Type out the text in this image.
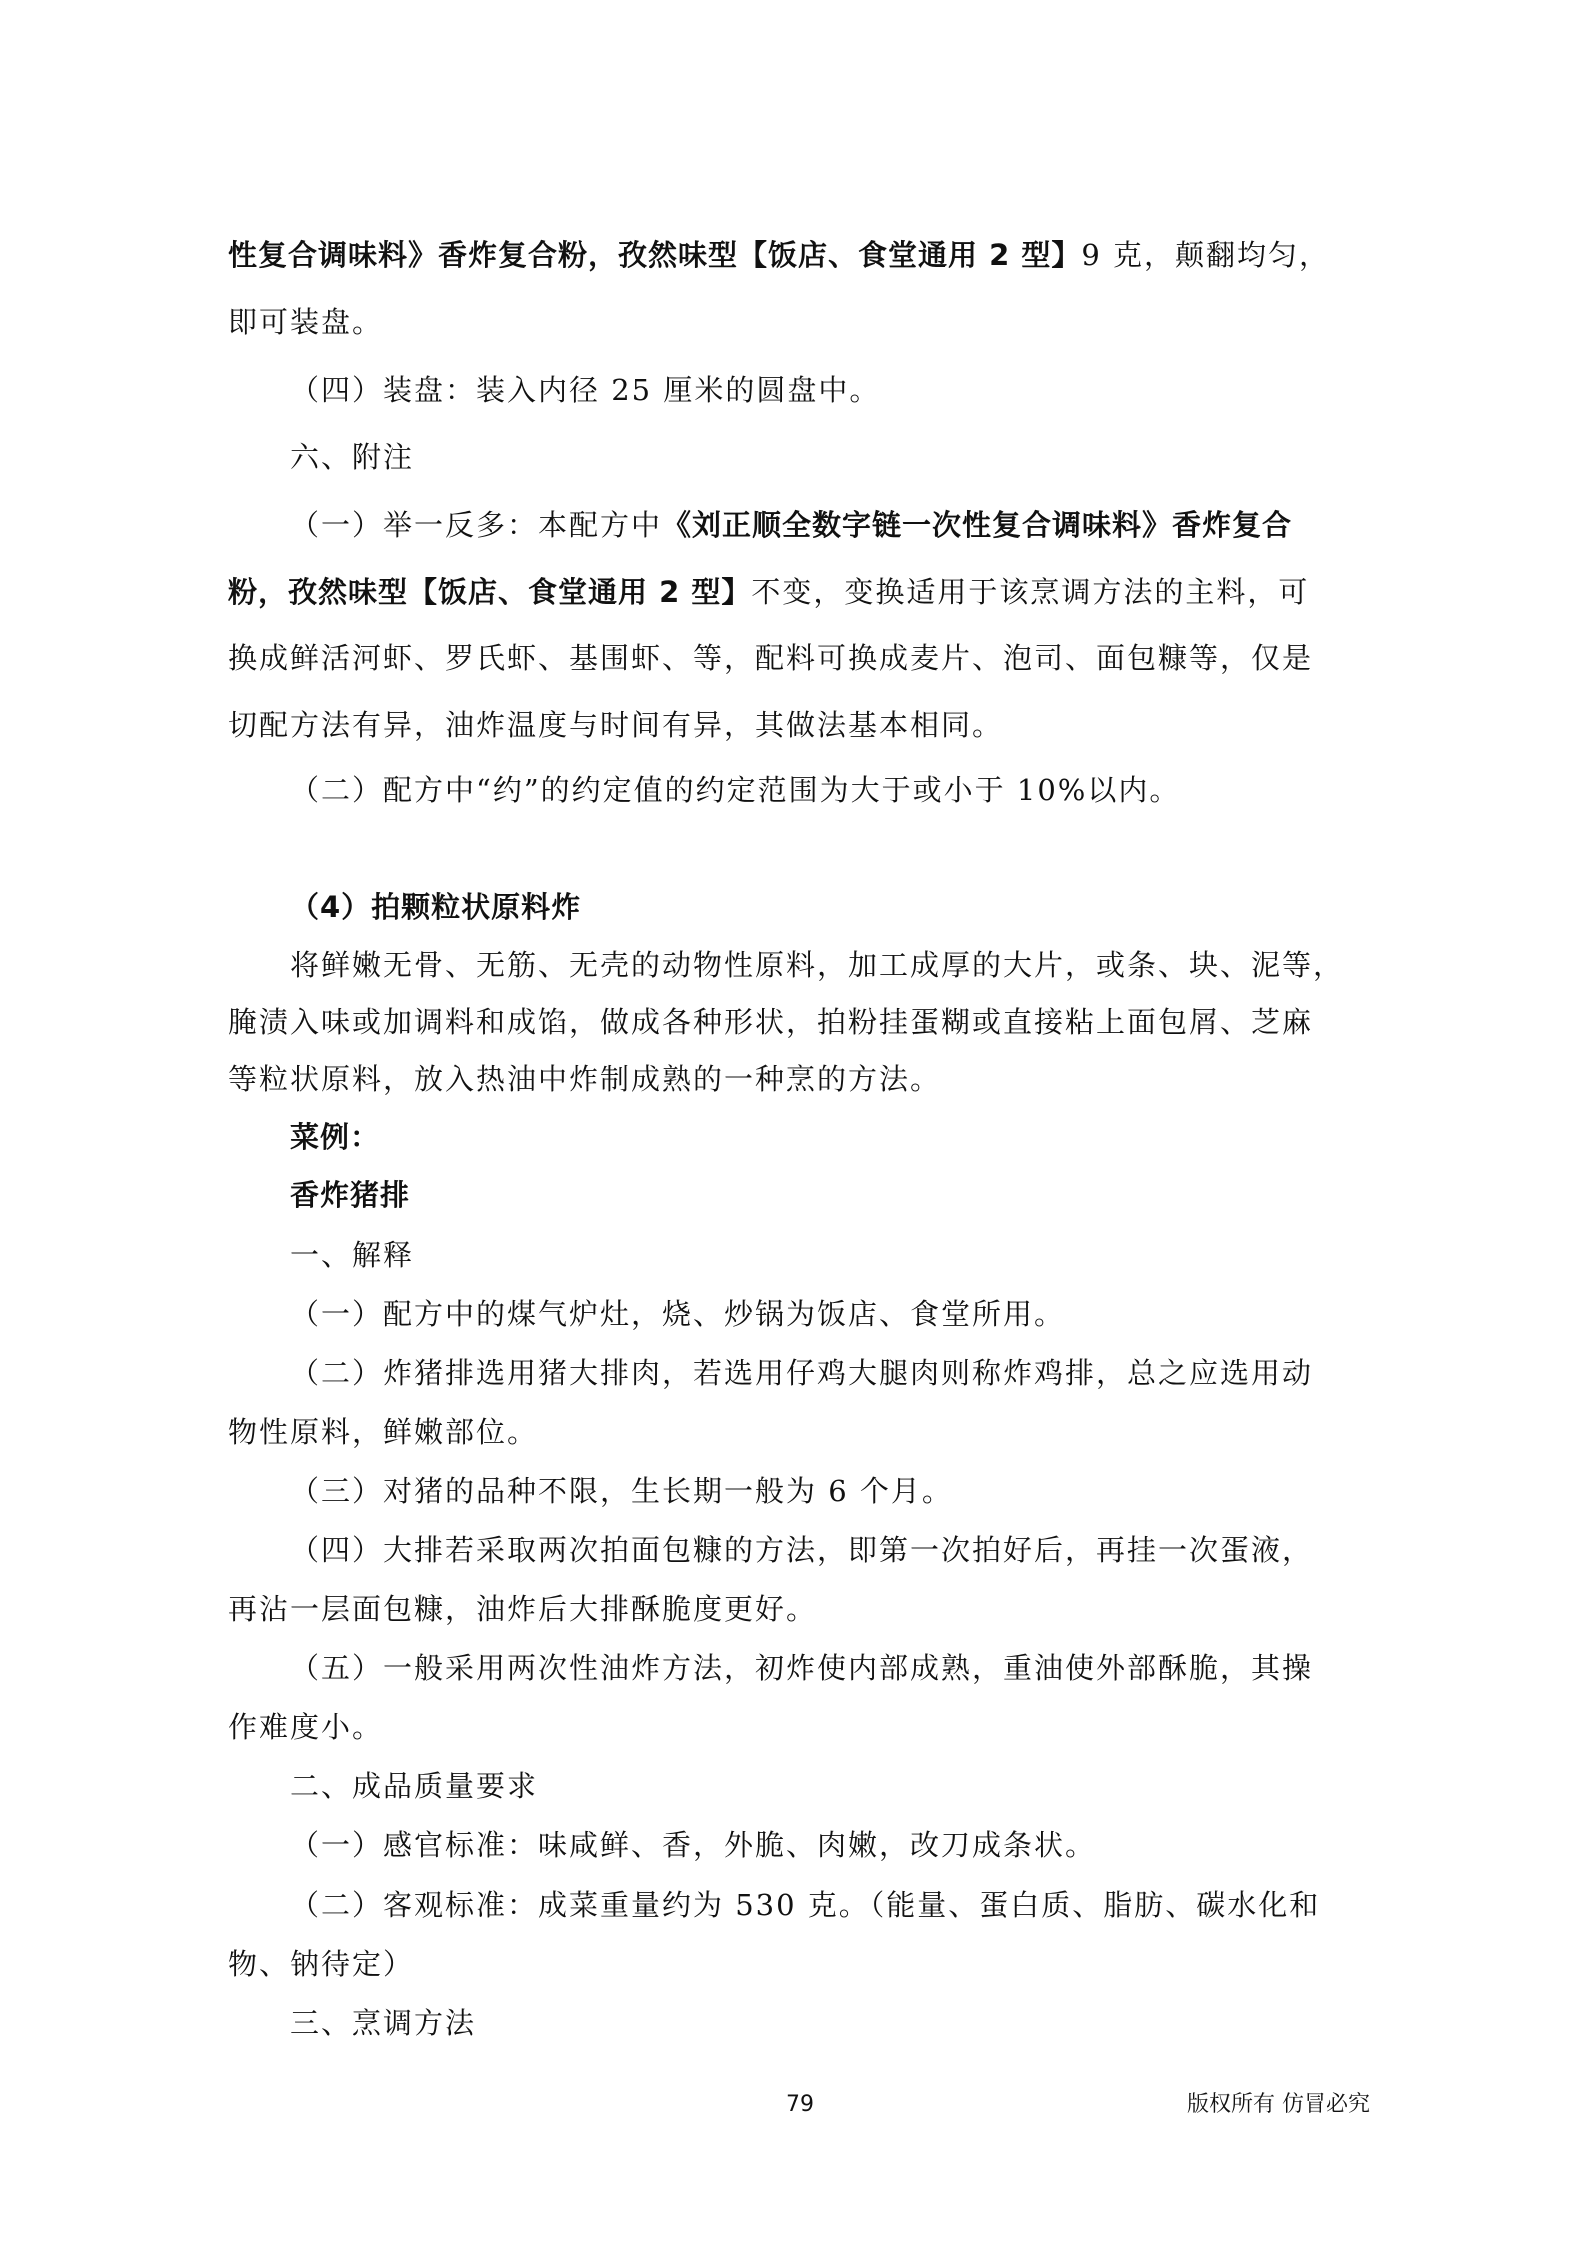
性复合调味料》香炸复合粉，孜然味型【饭店、食堂通用 2 型】9 克，颠翻均匀，
即可装盘。
（四）装盘：装入内径 25 厘米的圆盘中。
六、附注
（一）举一反多：本配方中《刘正顺全数字链一次性复合调味料》香炸复合
粉，孜然味型【饭店、食堂通用 2 型】不变，变换适用于该烹调方法的主料，可
换成鲜活河虾、罗氏虾、基围虾、等，配料可换成麦片、泡司、面包糠等，仅是
切配方法有异，油炸温度与时间有异，其做法基本相同。
（二）配方中“约”的约定值的约定范围为大于或小于 10%以内。
（4）拍颗粒状原料炸
将鲜嫩无骨、无筋、无壳的动物性原料，加工成厚的大片，或条、块、泥等，
腌渍入味或加调料和成馅，做成各种形状，拍粉挂蛋糊或直接粘上面包屑、芝麻
等粒状原料，放入热油中炸制成熟的一种烹的方法。
菜例：
香炸猪排
一、解释
（一）配方中的煤气炉灶，烧、炒锅为饭店、食堂所用。
（二）炸猪排选用猪大排肉，若选用仔鸡大腿肉则称炸鸡排，总之应选用动
物性原料，鲜嫩部位。
（三）对猪的品种不限，生长期一般为 6 个月。
（四）大排若采取两次拍面包糠的方法，即第一次拍好后，再挂一次蛋液，
再沾一层面包糠，油炸后大排酥脆度更好。
（五）一般采用两次性油炸方法，初炸使内部成熟，重油使外部酥脆，其操
作难度小。
二、成品质量要求
（一）感官标准：味咸鲜、香，外脆、肉嫩，改刀成条状。
（二）客观标准：成菜重量约为 530 克。（能量、蛋白质、脂肪、碳水化和
物、钠待定）
三、烹调方法
79	版权所有 仿冒必究
